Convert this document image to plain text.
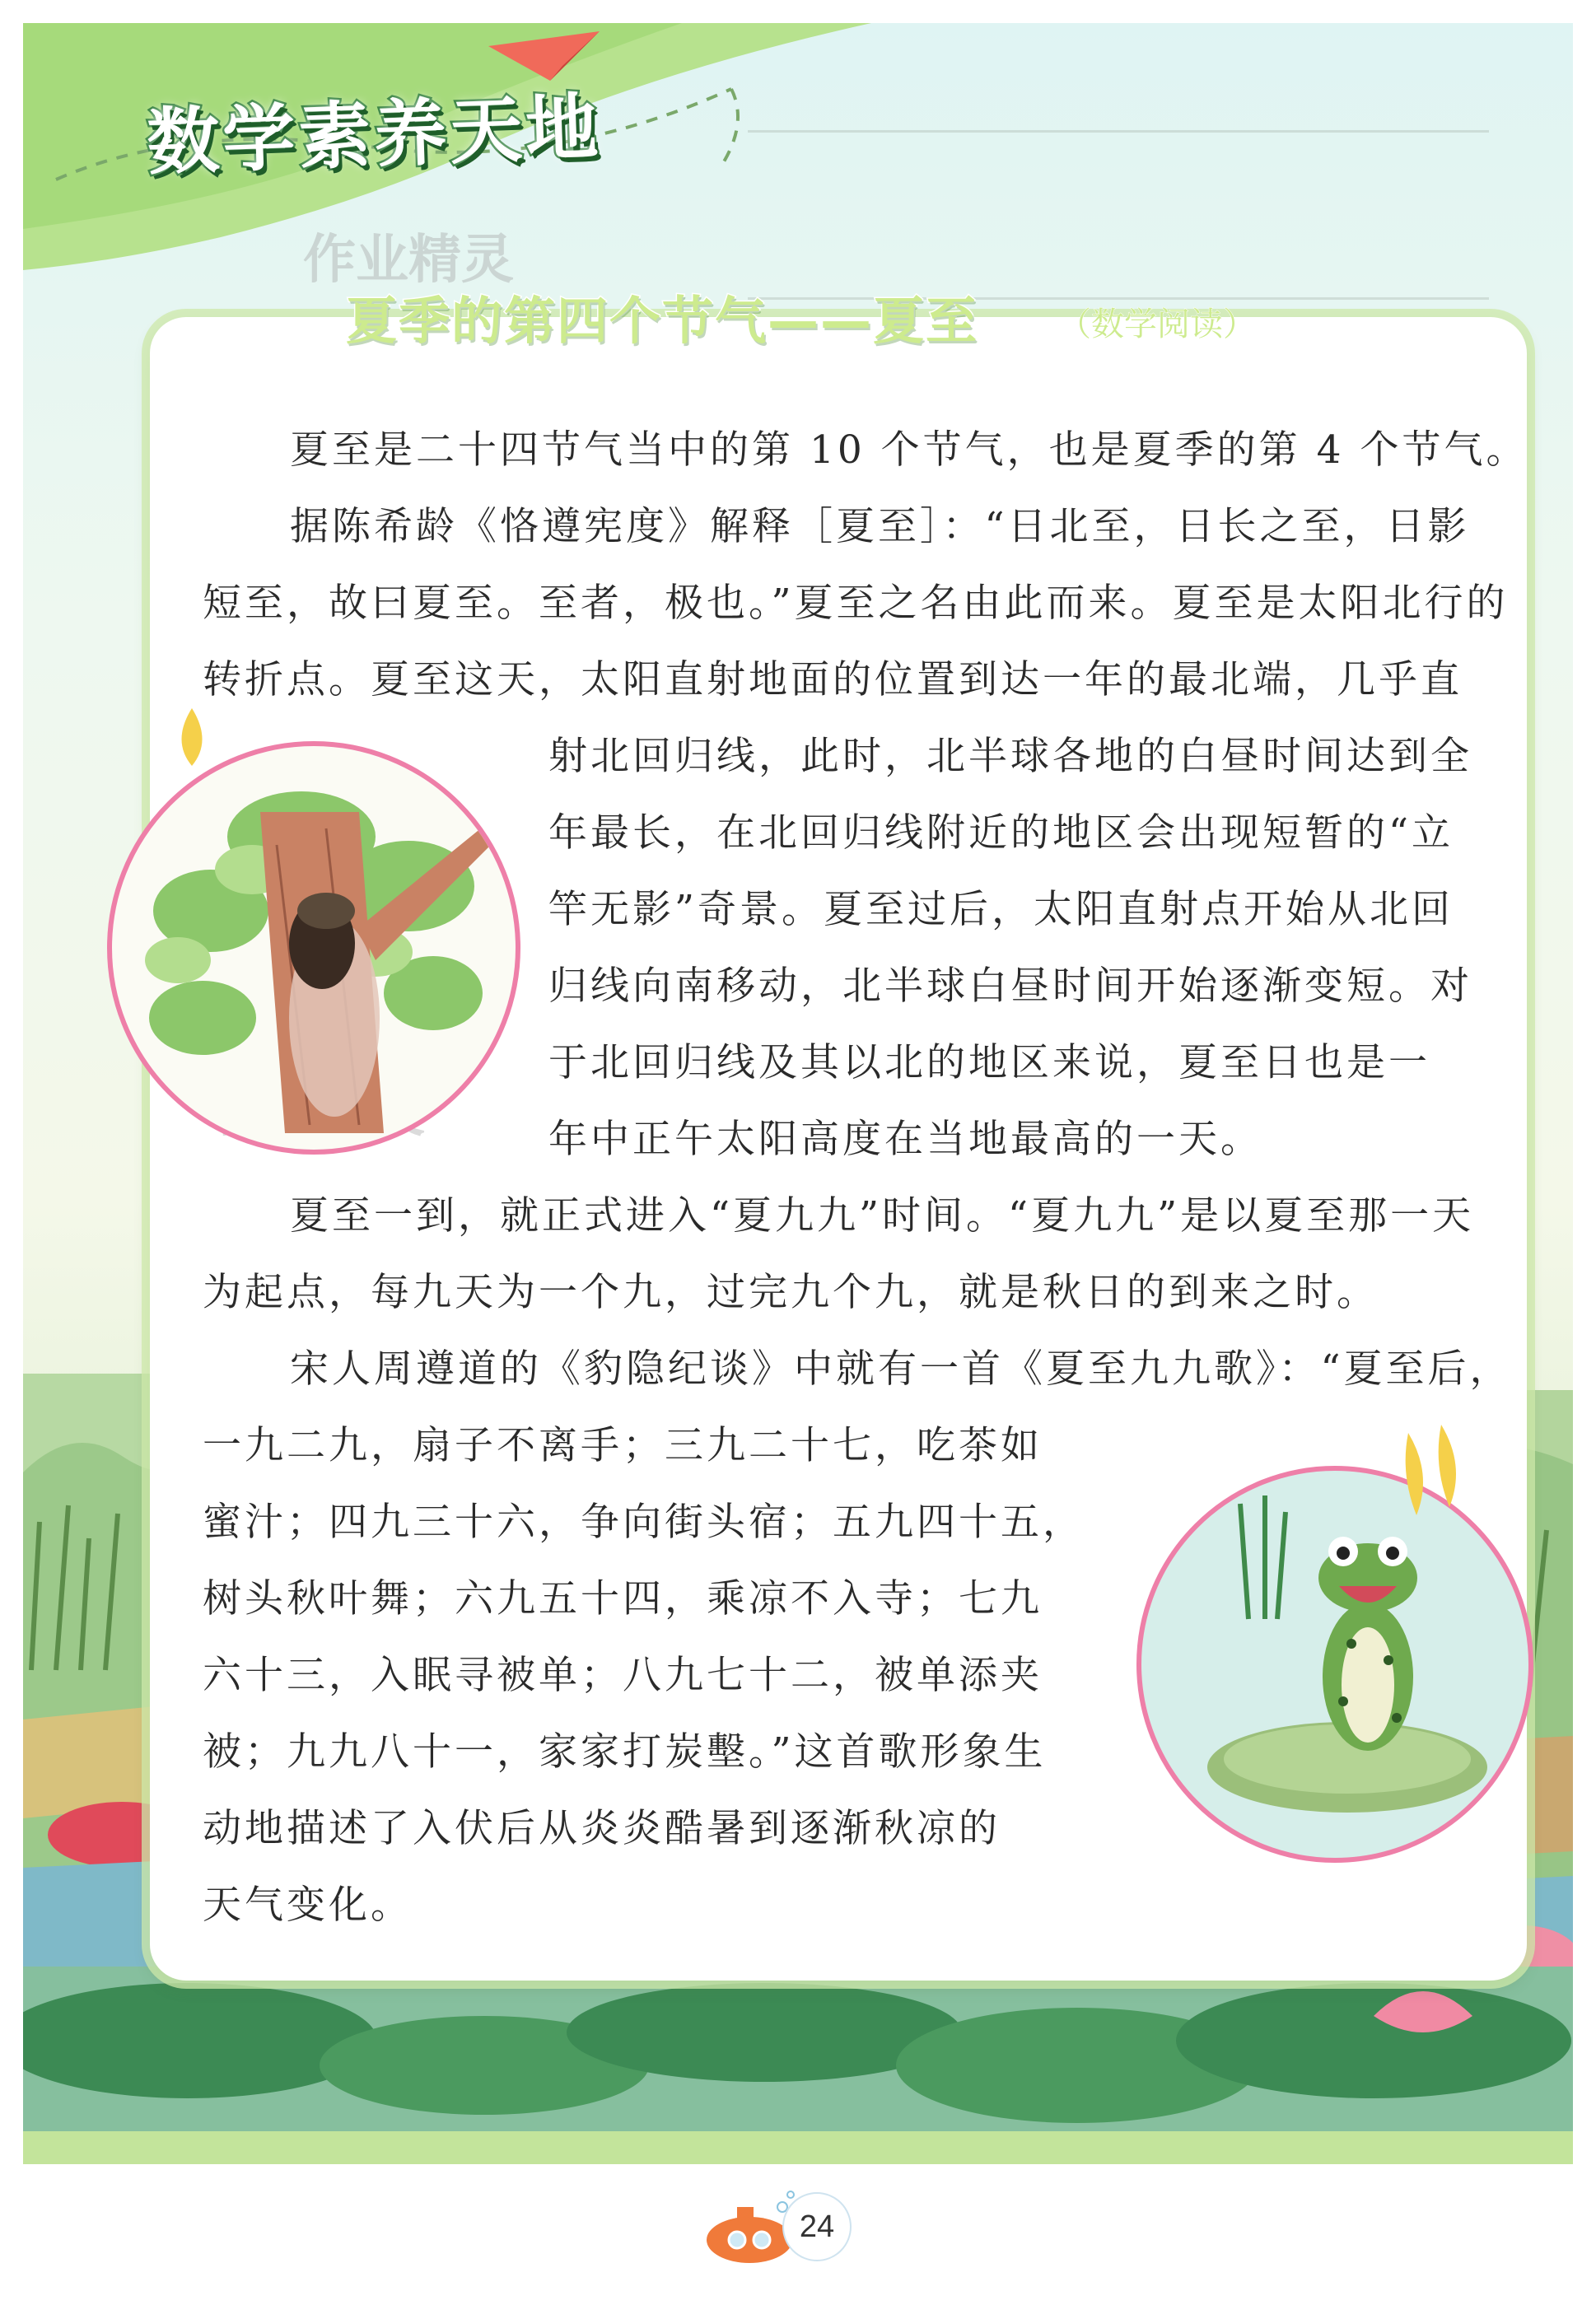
数学素养天地
作业精灵
夏季的第四个节气——夏至 （数学阅读）

夏至是二十四节气当中的第 10 个节气，也是夏季的第 4 个节气。

据陈希龄《恪遵宪度》解释［夏至］：“日北至，日长之至，日影

短至，故曰夏至。至者，极也。”夏至之名由此而来。夏至是太阳北行的

转折点。夏至这天，太阳直射地面的位置到达一年的最北端，几乎直

射北回归线，此时，北半球各地的白昼时间达到全

年最长，在北回归线附近的地区会出现短暂的“立

竿无影”奇景。夏至过后，太阳直射点开始从北回

归线向南移动，北半球白昼时间开始逐渐变短。对

于北回归线及其以北的地区来说，夏至日也是一

年中正午太阳高度在当地最高的一天。

夏至一到，就正式进入“夏九九”时间。“夏九九”是以夏至那一天

为起点，每九天为一个九，过完九个九，就是秋日的到来之时。

宋人周遵道的《豹隐纪谈》中就有一首《夏至九九歌》：“夏至后，

一九二九，扇子不离手；三九二十七，吃茶如

蜜汁；四九三十六，争向街头宿；五九四十五，

树头秋叶舞；六九五十四，乘凉不入寺；七九

六十三，入眠寻被单；八九七十二，被单添夹

被；九九八十一，家家打炭墼。”这首歌形象生

动地描述了入伏后从炎炎酷暑到逐渐秋凉的

天气变化。

24
